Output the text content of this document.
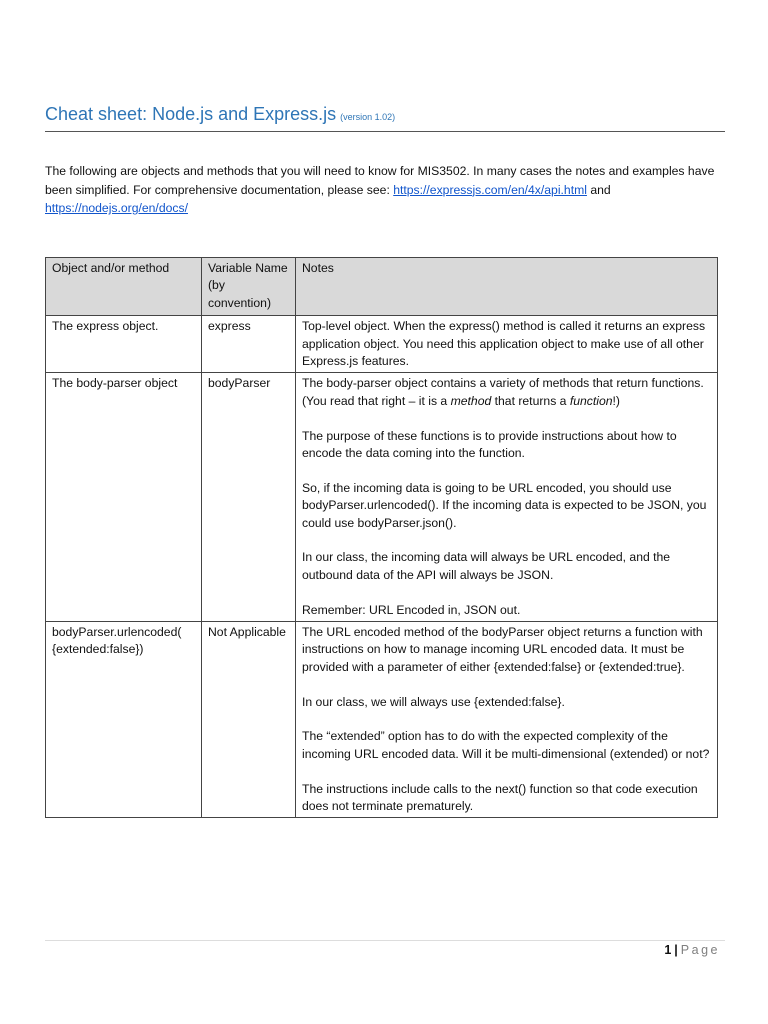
Cheat sheet: Node.js and Express.js (version 1.02)
The following are objects and methods that you will need to know for MIS3502. In many cases the notes and examples have been simplified. For comprehensive documentation, please see: https://expressjs.com/en/4x/api.html and https://nodejs.org/en/docs/
Object and/or method	Variable Name (by convention)	Notes
The express object.	express	Top-level object. When the express() method is called it returns an express application object. You need this application object to make use of all other Express.js features.

The body-parser object	bodyParser	The body-parser object contains a variety of methods that return functions. (You read that right – it is a method that returns a function!)

The purpose of these functions is to provide instructions about how to encode the data coming into the function.

So, if the incoming data is going to be URL encoded, you should use bodyParser.urlencoded(). If the incoming data is expected to be JSON, you could use bodyParser.json().

In our class, the incoming data will always be URL encoded, and the outbound data of the API will always be JSON.

Remember: URL Encoded in, JSON out.

bodyParser.urlencoded( {extended:false})	Not Applicable	The URL encoded method of the bodyParser object returns a function with instructions on how to manage incoming URL encoded data. It must be provided with a parameter of either {extended:false} or {extended:true}.

In our class, we will always use {extended:false}.

The “extended” option has to do with the expected complexity of the incoming URL encoded data. Will it be multi-dimensional (extended) or not?

The instructions include calls to the next() function so that code execution does not terminate prematurely.

1 | Page
